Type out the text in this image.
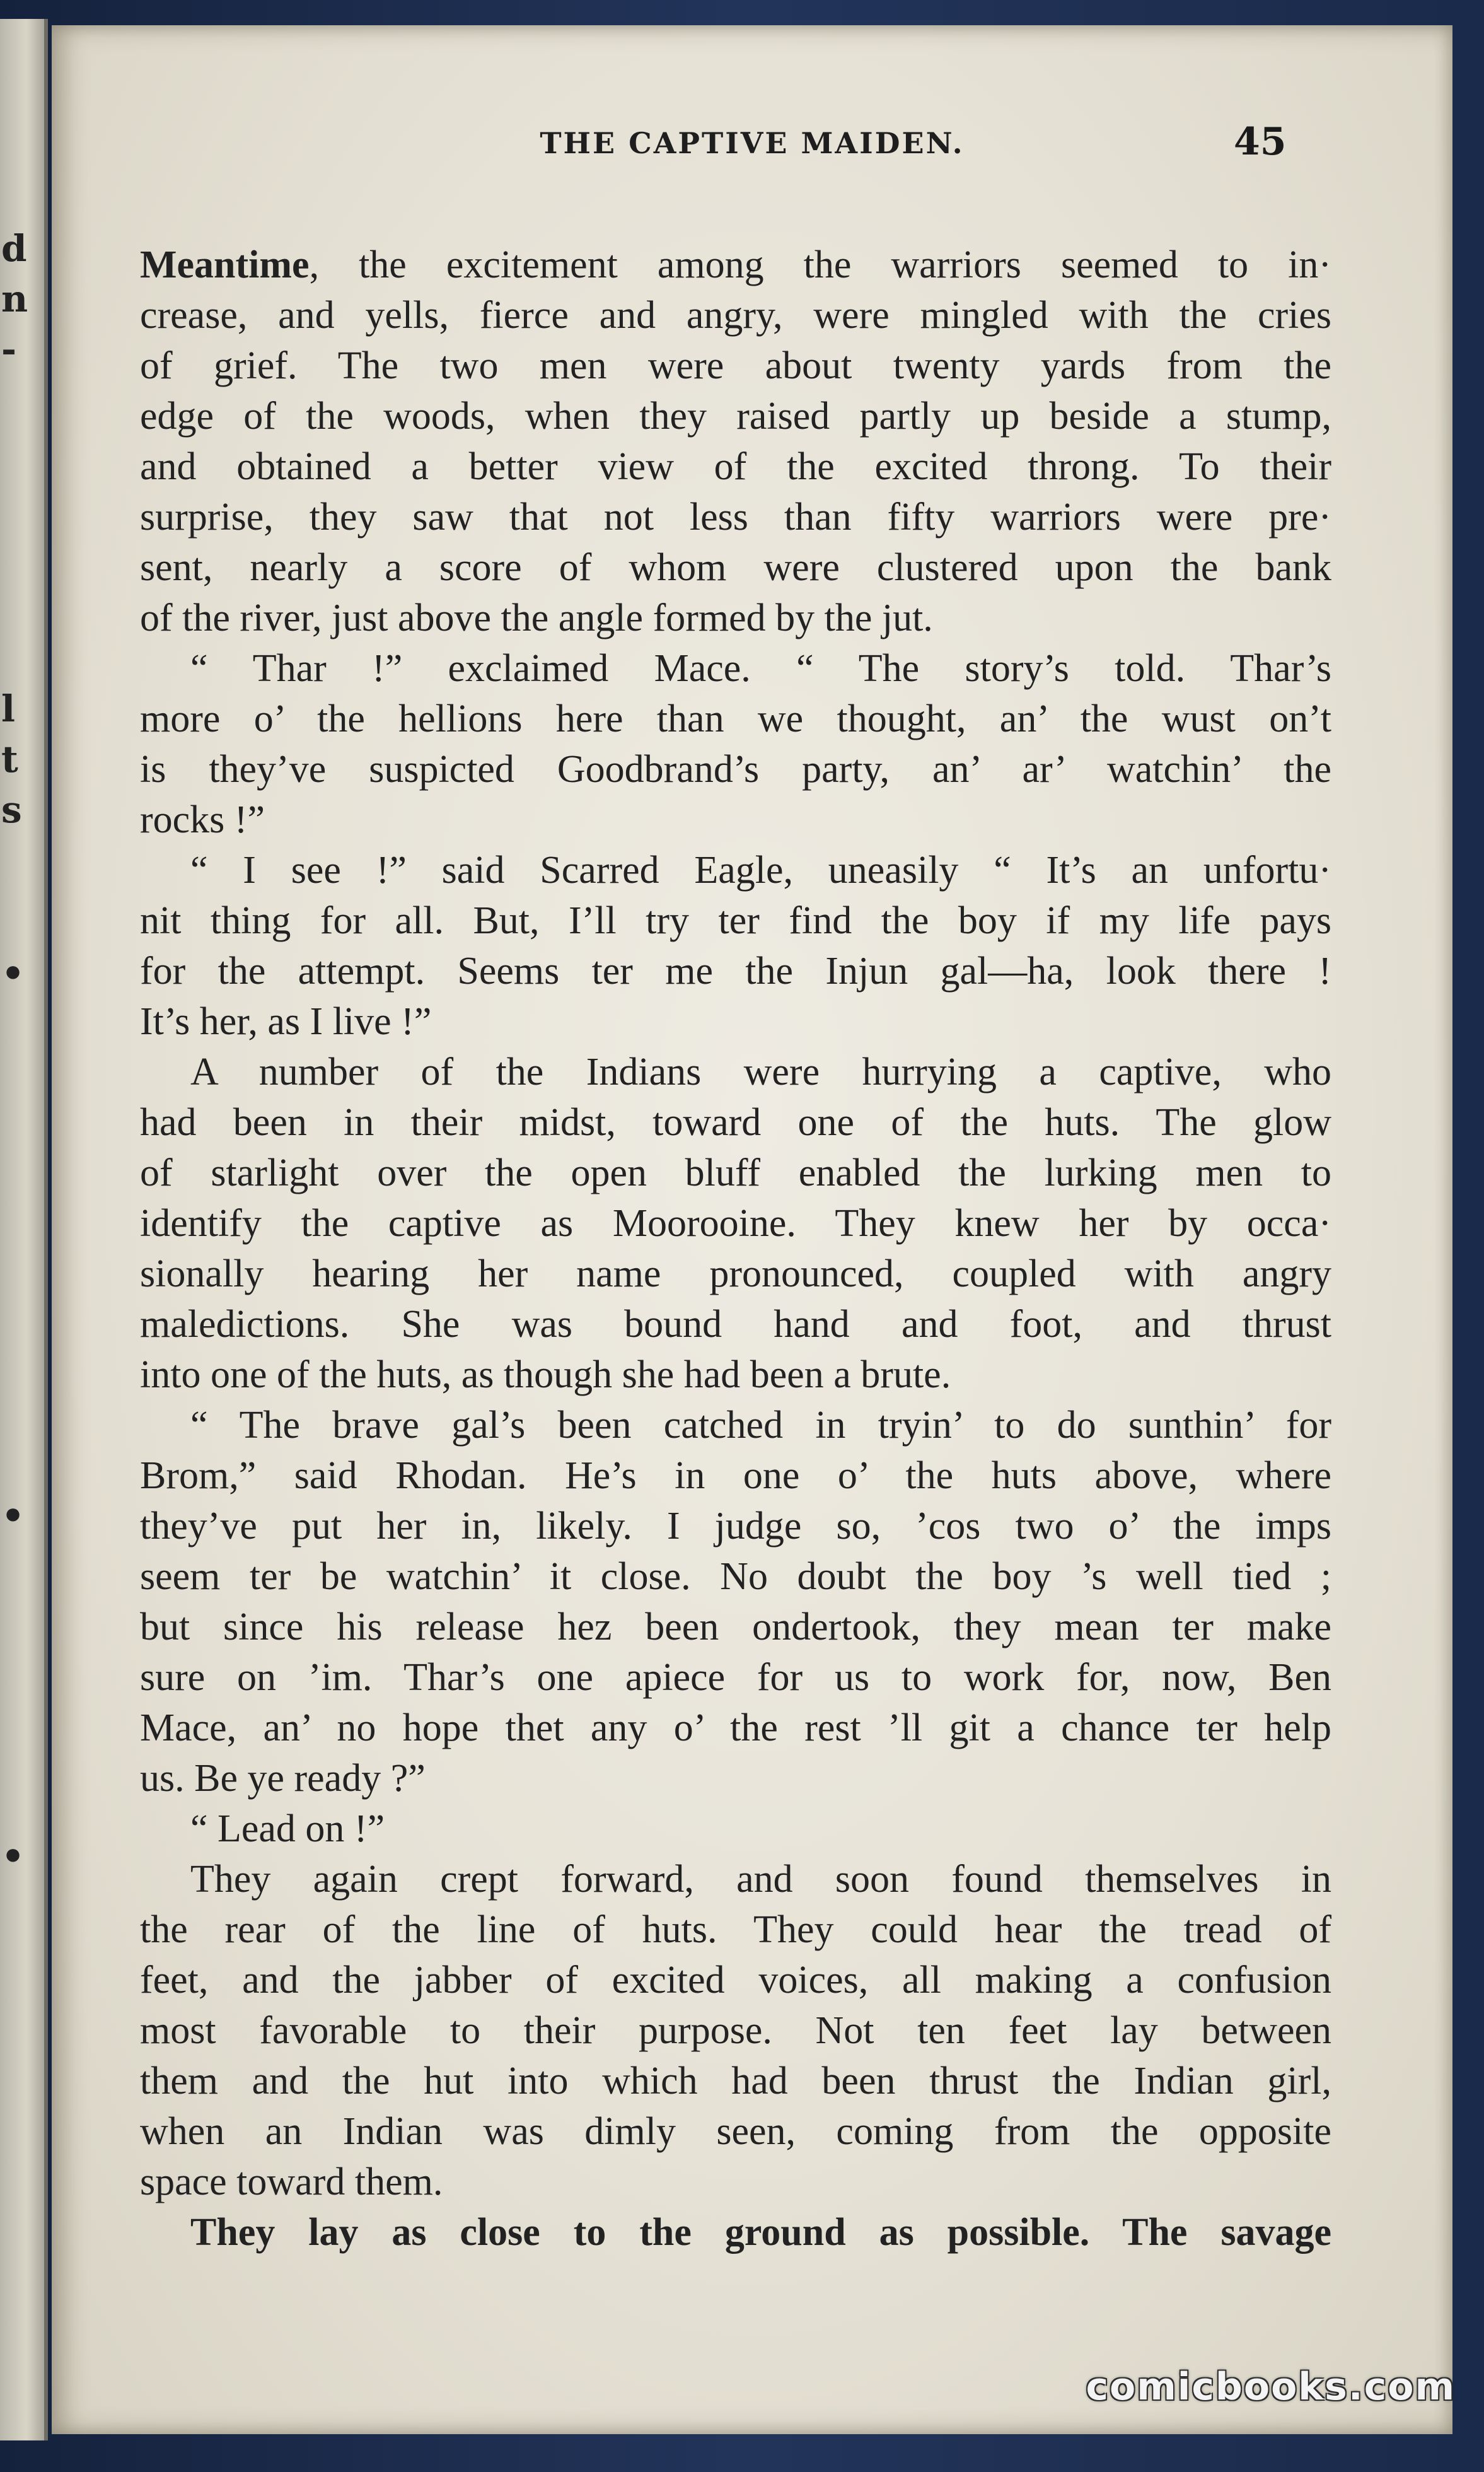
d
n
-
l
t
s
•
•
•
THE CAPTIVE MAIDEN.	45
Meantime, the excitement among the warriors seemed to in·
crease, and yells, fierce and angry, were mingled with the cries
of grief. The two men were about twenty yards from the
edge of the woods, when they raised partly up beside a stump,
and obtained a better view of the excited throng. To their
surprise, they saw that not less than fifty warriors were pre·
sent, nearly a score of whom were clustered upon the bank
of the river, just above the angle formed by the jut.
“ Thar !” exclaimed Mace. “ The story’s told. Thar’s
more o’ the hellions here than we thought, an’ the wust on’t
is they’ve suspicted Goodbrand’s party, an’ ar’ watchin’ the
rocks !”
“ I see !” said Scarred Eagle, uneasily “ It’s an unfortu·
nit thing for all. But, I’ll try ter find the boy if my life pays
for the attempt. Seems ter me the Injun gal—ha, look there !
It’s her, as I live !”
A number of the Indians were hurrying a captive, who
had been in their midst, toward one of the huts. The glow
of starlight over the open bluff enabled the lurking men to
identify the captive as Moorooine. They knew her by occa·
sionally hearing her name pronounced, coupled with angry
maledictions. She was bound hand and foot, and thrust
into one of the huts, as though she had been a brute.
“ The brave gal’s been catched in tryin’ to do sunthin’ for
Brom,” said Rhodan. He’s in one o’ the huts above, where
they’ve put her in, likely. I judge so, ’cos two o’ the imps
seem ter be watchin’ it close. No doubt the boy ’s well tied ;
but since his release hez been ondertook, they mean ter make
sure on ’im. Thar’s one apiece for us to work for, now, Ben
Mace, an’ no hope thet any o’ the rest ’ll git a chance ter help
us. Be ye ready ?”
“ Lead on !”
They again crept forward, and soon found themselves in
the rear of the line of huts. They could hear the tread of
feet, and the jabber of excited voices, all making a confusion
most favorable to their purpose. Not ten feet lay between
them and the hut into which had been thrust the Indian girl,
when an Indian was dimly seen, coming from the opposite
space toward them.
They lay as close to the ground as possible. The savage
comicbooks.com
